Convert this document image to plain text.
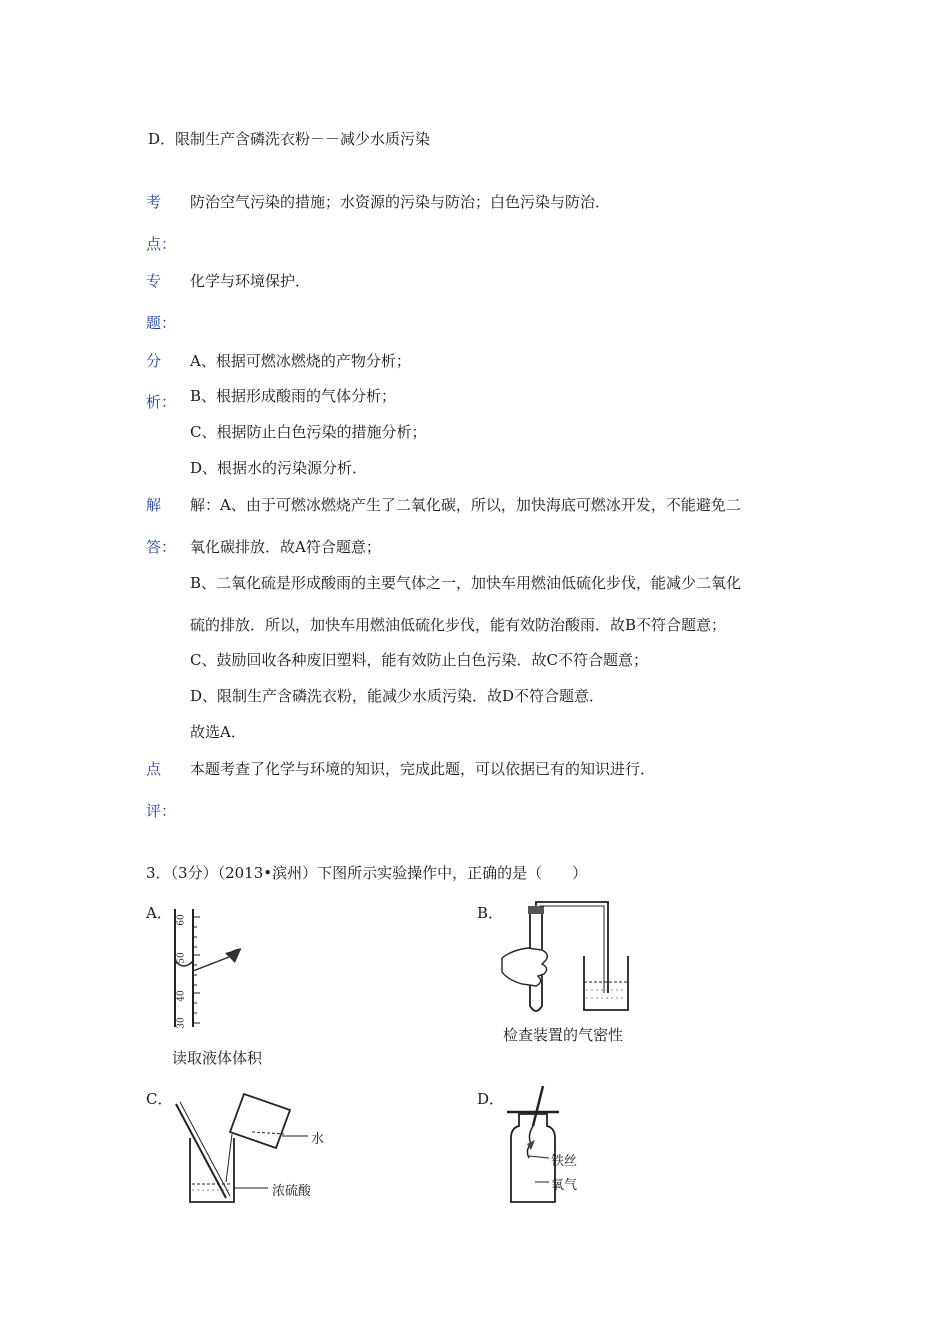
D．限制生产含磷洗衣粉－－减少水质污染
考 防治空气污染的措施；水资源的污染与防治；白色污染与防治．
点：
专 化学与环境保护．
题：
分
析：
A、根据可燃冰燃烧的产物分析；
B、根据形成酸雨的气体分析；
C、根据防止白色污染的措施分析；
D、根据水的污染源分析．
解
答：
解：A、由于可燃冰燃烧产生了二氧化碳，所以，加快海底可燃冰开发，不能避免二
氧化碳排放．故A符合题意；
B、二氧化硫是形成酸雨的主要气体之一，加快车用燃油低硫化步伐，能减少二氧化
硫的排放．所以，加快车用燃油低硫化步伐，能有效防治酸雨．故B不符合题意；
C、鼓励回收各种废旧塑料，能有效防止白色污染．故C不符合题意；
D、限制生产含磷洗衣粉，能减少水质污染．故D不符合题意．
故选A．
点 本题考查了化学与环境的知识，完成此题，可以依据已有的知识进行．
评：
3．（3分）（2013•滨州）下图所示实验操作中，正确的是（　　）
A． 60
50
40
30
读取液体体积
B．
检查装置的气密性
C．
水
浓硫酸
D．
铁丝
氧气
